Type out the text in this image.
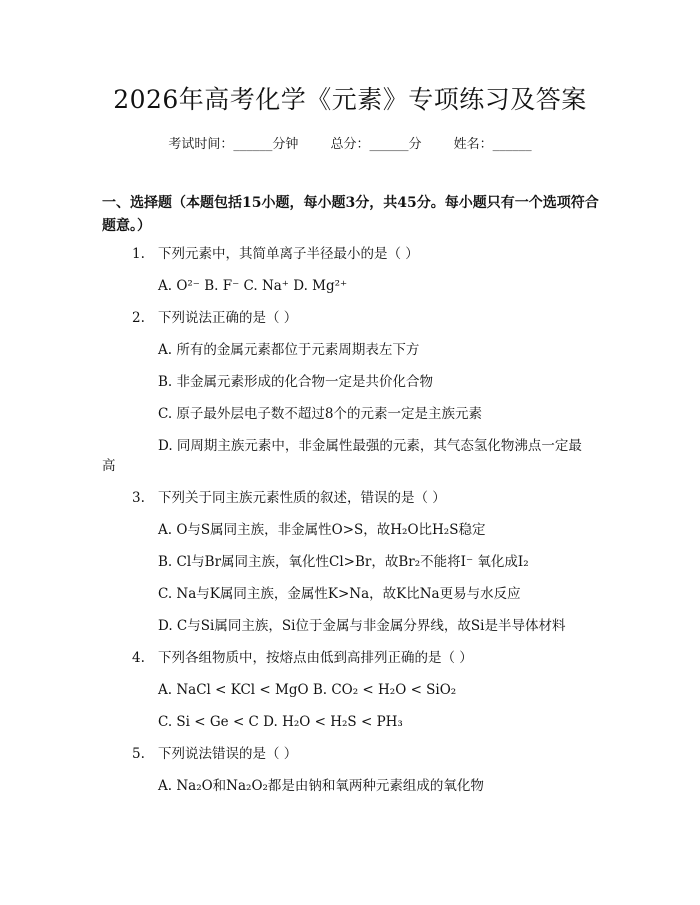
2026年高考化学《元素》专项练习及答案
考试时间：______分钟 总分：______分 姓名：______
一、选择题（本题包括15小题，每小题3分，共45分。每小题只有一个选项符合题意。）
1. 下列元素中，其简单离子半径最小的是（ ）
A. O²⁻ B. F⁻ C. Na⁺ D. Mg²⁺
2. 下列说法正确的是（ ）
A. 所有的金属元素都位于元素周期表左下方
B. 非金属元素形成的化合物一定是共价化合物
C. 原子最外层电子数不超过8个的元素一定是主族元素
D. 同周期主族元素中，非金属性最强的元素，其气态氢化物沸点一定最
高
3. 下列关于同主族元素性质的叙述，错误的是（ ）
A. O与S属同主族，非金属性O>S，故H₂O比H₂S稳定
B. Cl与Br属同主族，氧化性Cl>Br，故Br₂不能将I⁻ 氧化成I₂
C. Na与K属同主族，金属性K>Na，故K比Na更易与水反应
D. C与Si属同主族，Si位于金属与非金属分界线，故Si是半导体材料
4. 下列各组物质中，按熔点由低到高排列正确的是（ ）
A. NaCl < KCl < MgO B. CO₂ < H₂O < SiO₂
C. Si < Ge < C D. H₂O < H₂S < PH₃
5. 下列说法错误的是（ ）
A. Na₂O和Na₂O₂都是由钠和氧两种元素组成的氧化物
